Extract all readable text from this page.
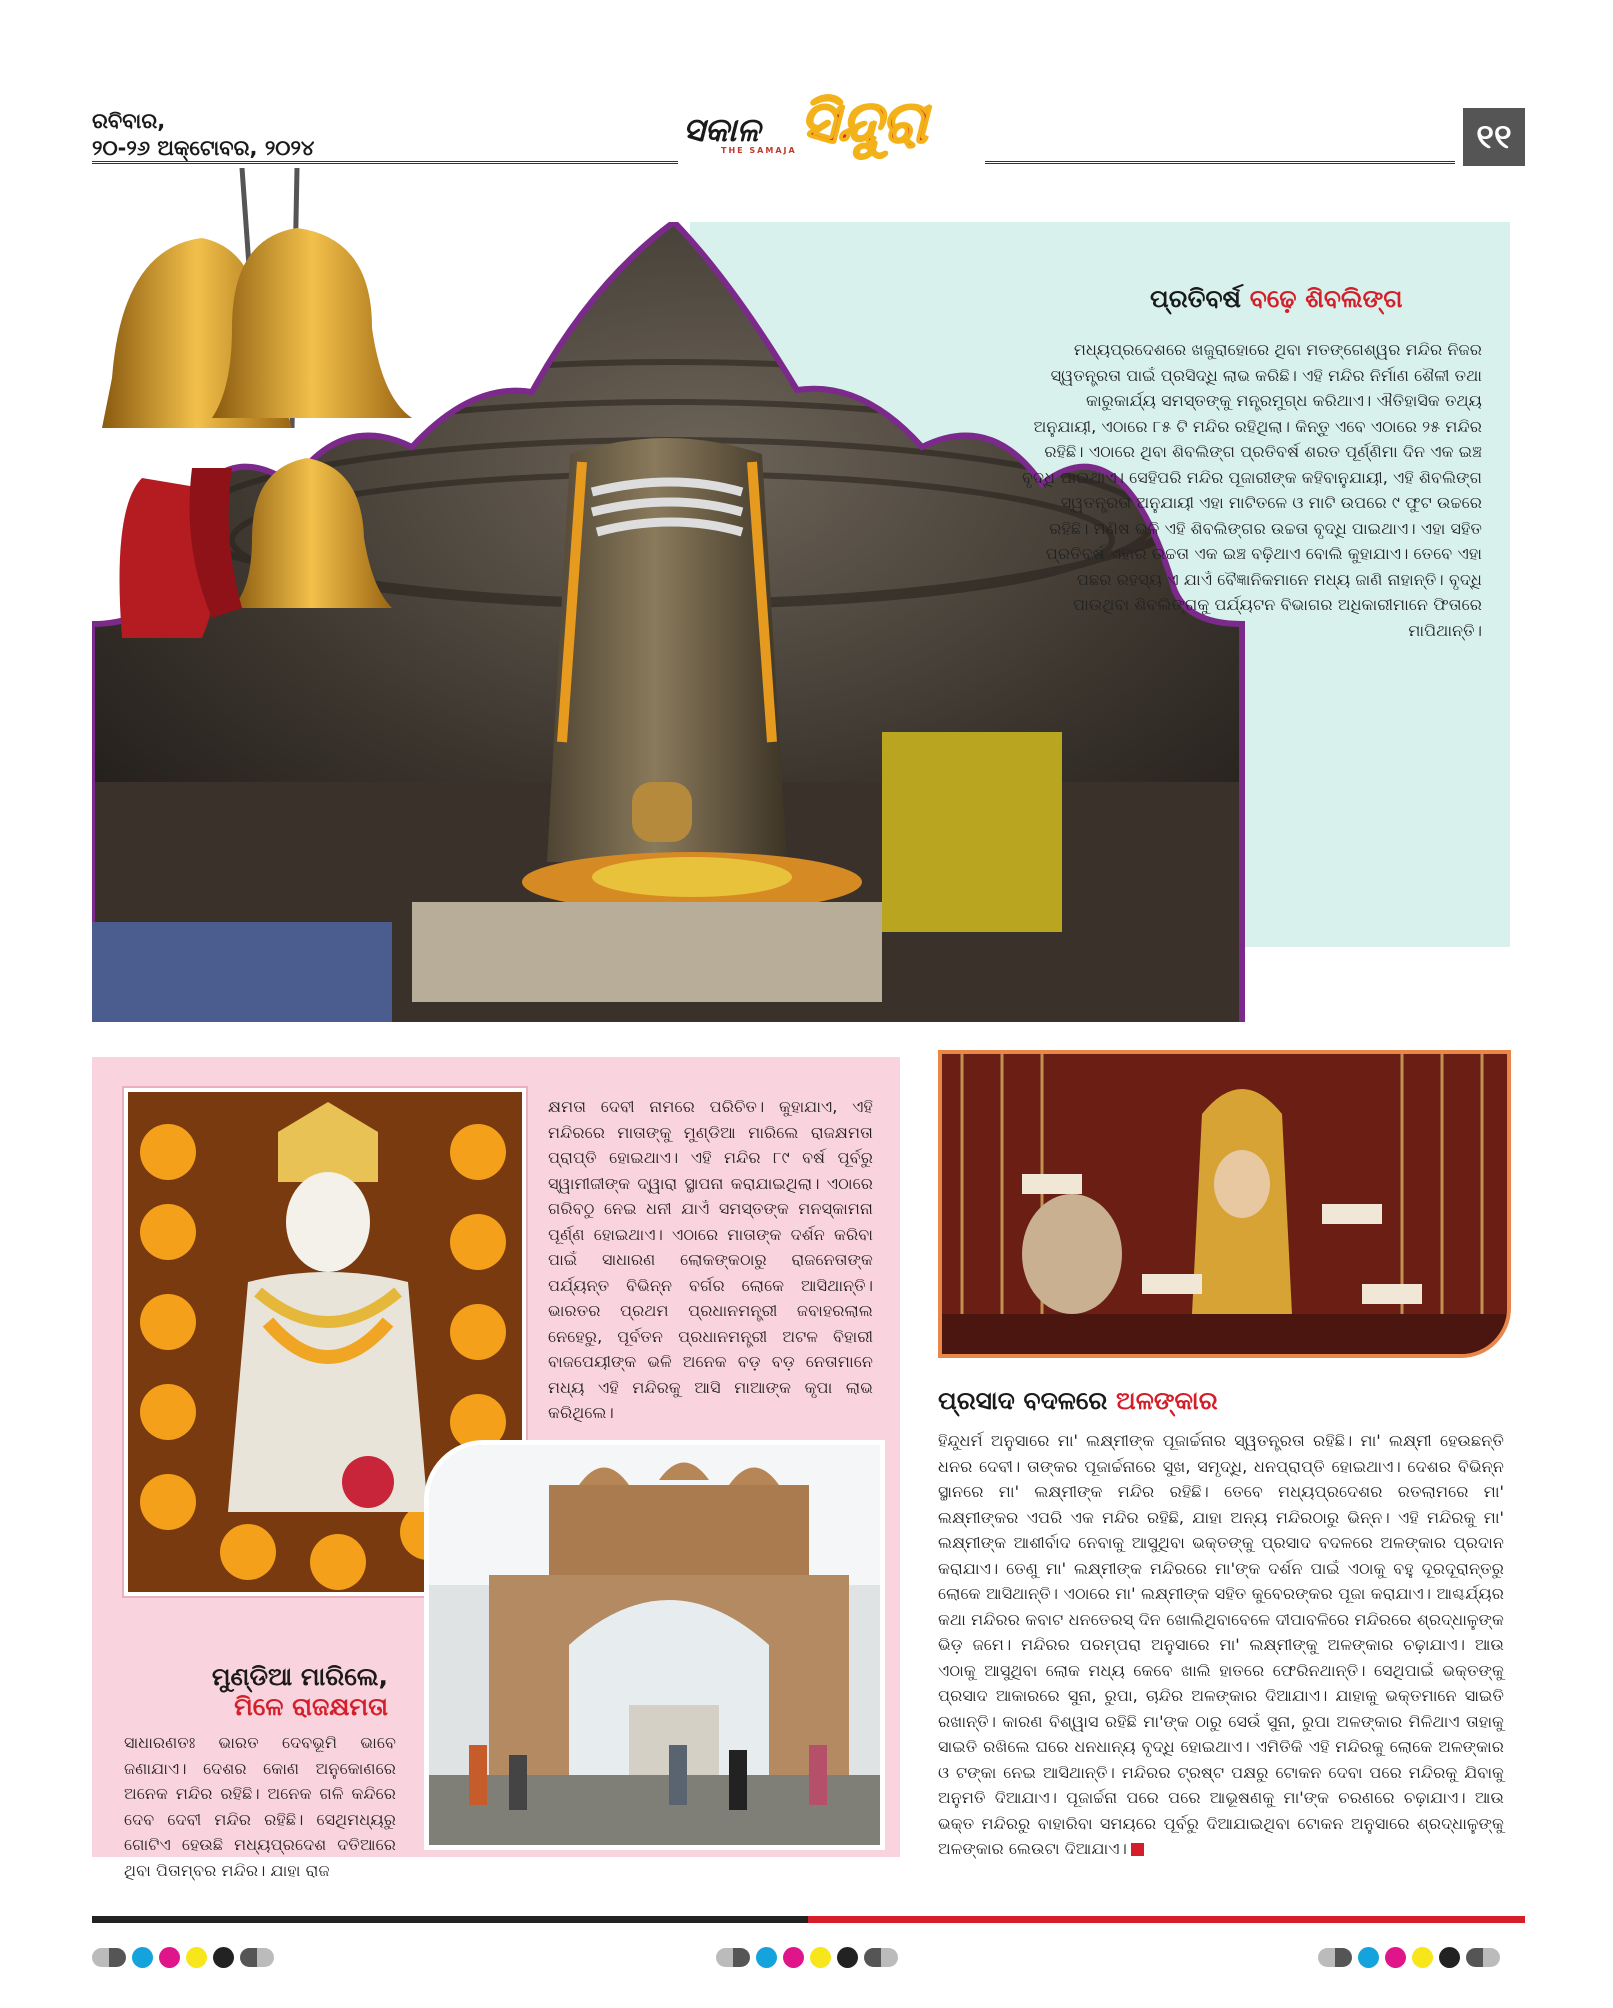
ରବିବାର,
୨୦-୨୬ ଅକ୍ଟୋବର, ୨୦୨୪	ସକାଳ
THE SAMAJA ସିନ୍ଦୁରା	୧୧
ପ୍ରତିବର୍ଷ ବଢ଼େ ଶିବଲିଙ୍ଗ
ମଧ୍ୟପ୍ରଦେଶରେ ଖଜୁରାହୋରେ ଥିବା ମତଙ୍ଗେଶ୍ୱର ମନ୍ଦିର ନିଜର ସ୍ୱତନ୍ତ୍ରତା ପାଇଁ ପ୍ରସିଦ୍ଧି ଲାଭ କରିଛି। ଏହି ମନ୍ଦିର ନିର୍ମାଣ ଶୈଳୀ ତଥା କାରୁକାର୍ଯ୍ୟ ସମସ୍ତଙ୍କୁ ମନ୍ତ୍ରମୁଗ୍ଧ କରିଥାଏ। ଐତିହାସିକ ତଥ୍ୟ ଅନୁଯାୟୀ, ଏଠାରେ ୮୫ ଟି ମନ୍ଦିର ରହିଥିଲା। କିନ୍ତୁ ଏବେ ଏଠାରେ ୨୫ ମନ୍ଦିର ରହିଛି। ଏଠାରେ ଥିବା ଶିବଲିଙ୍ଗ ପ୍ରତିବର୍ଷ ଶରତ ପୂର୍ଣ୍ଣିମା ଦିନ ଏକ ଇଞ୍ଚ ବୃଦ୍ଧି ପାଇଥାଏ। ସେହିପରି ମନ୍ଦିର ପୂଜାରୀଙ୍କ କହିବାନୁଯାୟୀ, ଏହି ଶିବଲିଙ୍ଗ ସ୍ୱତନ୍ତ୍ରତା ଅନୁଯାୟୀ ଏହା ମାଟିତଳେ ଓ ମାଟି ଉପରେ ୯ ଫୁଟ ଉଚ୍ଚରେ ରହିଛି। ମଣିଷ ଭଳି ଏହି ଶିବଲିଙ୍ଗର ଉଚ୍ଚତା ବୃଦ୍ଧି ପାଇଥାଏ। ଏହା ସହିତ ପ୍ରତିବର୍ଷ ଏହାର ଉଚ୍ଚତା ଏକ ଇଞ୍ଚ ବଢ଼ିଥାଏ ବୋଲି କୁହାଯାଏ। ତେବେ ଏହା ପଛର ରହସ୍ୟ ଏ ଯାଏଁ ବୈଜ୍ଞାନିକମାନେ ମଧ୍ୟ ଜାଣି ନାହାନ୍ତି। ବୃଦ୍ଧି ପାଉଥିବା ଶିବଲିଙ୍ଗକୁ ପର୍ଯ୍ୟଟନ ବିଭାଗର ଅଧିକାରୀମାନେ ଫିତାରେ ମାପିଥାନ୍ତି।
କ୍ଷମତା ଦେବୀ ନାମରେ ପରିଚିତ। କୁହାଯାଏ, ଏହି ମନ୍ଦିରରେ ମାତାଙ୍କୁ ମୁଣ୍ଡିଆ ମାରିଲେ ରାଜକ୍ଷମତା ପ୍ରାପ୍ତି ହୋଇଥାଏ। ଏହି ମନ୍ଦିର ୮୯ ବର୍ଷ ପୂର୍ବରୁ ସ୍ୱାମୀଜୀଙ୍କ ଦ୍ୱାରା ସ୍ଥାପନା କରାଯାଇଥିଲା। ଏଠାରେ ଗରିବଠୁ ନେଇ ଧନୀ ଯାଏଁ ସମସ୍ତଙ୍କ ମନସ୍କାମନା ପୂର୍ଣ୍ଣ ହୋଇଥାଏ। ଏଠାରେ ମାତାଙ୍କ ଦର୍ଶନ କରିବା ପାଇଁ ସାଧାରଣ ଲୋକଙ୍କଠାରୁ ରାଜନେତାଙ୍କ ପର୍ଯ୍ୟନ୍ତ ବିଭିନ୍ନ ବର୍ଗର ଲୋକେ ଆସିଥାନ୍ତି। ଭାରତର ପ୍ରଥମ ପ୍ରଧାନମନ୍ତ୍ରୀ ଜବାହରଲାଲ ନେହେରୁ, ପୂର୍ବତନ ପ୍ରଧାନମନ୍ତ୍ରୀ ଅଟଳ ବିହାରୀ ବାଜପେୟୀଙ୍କ ଭଳି ଅନେକ ବଡ଼ ବଡ଼ ନେତାମାନେ ମଧ୍ୟ ଏହି ମନ୍ଦିରକୁ ଆସି ମାଆଙ୍କ କୃପା ଲାଭ କରିଥିଲେ।
ମୁଣ୍ଡିଆ ମାରିଲେ,
ମିଳେ ରାଜକ୍ଷମତା
ସାଧାରଣତଃ ଭାରତ ଦେବଭୂମି ଭାବେ ଜଣାଯାଏ। ଦେଶର କୋଣ ଅନୁକୋଣରେ ଅନେକ ମନ୍ଦିର ରହିଛି। ଅନେକ ଗଳି କନ୍ଦିରେ ଦେବ ଦେବୀ ମନ୍ଦିର ରହିଛି। ସେଥିମଧ୍ୟରୁ ଗୋଟିଏ ହେଉଛି ମଧ୍ୟପ୍ରଦେଶ ଦତିଆରେ ଥିବା ପିତାମ୍ବର ମନ୍ଦିର। ଯାହା ରାଜ
ପ୍ରସାଦ ବଦଳରେ ଅଳଙ୍କାର
ହିନ୍ଦୁଧର୍ମ ଅନୁସାରେ ମା' ଲକ୍ଷ୍ମୀଙ୍କ ପୂଜାର୍ଚ୍ଚନାର ସ୍ୱତନ୍ତ୍ରତା ରହିଛି। ମା' ଲକ୍ଷ୍ମୀ ହେଉଛନ୍ତି ଧନର ଦେବୀ। ତାଙ୍କର ପୂଜାର୍ଚ୍ଚନାରେ ସୁଖ, ସମୃଦ୍ଧି, ଧନପ୍ରାପ୍ତି ହୋଇଥାଏ। ଦେଶର ବିଭିନ୍ନ ସ୍ଥାନରେ ମା' ଲକ୍ଷ୍ମୀଙ୍କ ମନ୍ଦିର ରହିଛି। ତେବେ ମଧ୍ୟପ୍ରଦେଶର ରତଲାମରେ ମା' ଲକ୍ଷ୍ମୀଙ୍କର ଏପରି ଏକ ମନ୍ଦିର ରହିଛି, ଯାହା ଅନ୍ୟ ମନ୍ଦିରଠାରୁ ଭିନ୍ନ। ଏହି ମନ୍ଦିରକୁ ମା' ଲକ୍ଷ୍ମୀଙ୍କ ଆଶୀର୍ବାଦ ନେବାକୁ ଆସୁଥିବା ଭକ୍ତଙ୍କୁ ପ୍ରସାଦ ବଦଳରେ ଅଳଙ୍କାର ପ୍ରଦାନ କରାଯାଏ। ତେଣୁ ମା' ଲକ୍ଷ୍ମୀଙ୍କ ମନ୍ଦିରରେ ମା'ଙ୍କ ଦର୍ଶନ ପାଇଁ ଏଠାକୁ ବହୁ ଦୂରଦୂରାନ୍ତରୁ ଲୋକେ ଆସିଥାନ୍ତି। ଏଠାରେ ମା' ଲକ୍ଷ୍ମୀଙ୍କ ସହିତ କୁବେରଙ୍କର ପୂଜା କରାଯାଏ। ଆଶ୍ଚର୍ଯ୍ୟର କଥା ମନ୍ଦିରର କବାଟ ଧନତେରସ୍ ଦିନ ଖୋଲିଥିବାବେଳେ ଦୀପାବଳିରେ ମନ୍ଦିରରେ ଶ୍ରଦ୍ଧାଳୁଙ୍କ ଭିଡ଼ ଜମେ। ମନ୍ଦିରର ପରମ୍ପରା ଅନୁସାରେ ମା' ଲକ୍ଷ୍ମୀଙ୍କୁ ଅଳଙ୍କାର ଚଢ଼ାଯାଏ। ଆଉ ଏଠାକୁ ଆସୁଥିବା ଲୋକ ମଧ୍ୟ କେବେ ଖାଲି ହାତରେ ଫେରିନଥାନ୍ତି। ସେଥିପାଇଁ ଭକ୍ତଙ୍କୁ ପ୍ରସାଦ ଆକାରରେ ସୁନା, ରୁପା, ଚାନ୍ଦିର ଅଳଙ୍କାର ଦିଆଯାଏ। ଯାହାକୁ ଭକ୍ତମାନେ ସାଇତି ରଖାନ୍ତି। କାରଣ ବିଶ୍ୱାସ ରହିଛି ମା'ଙ୍କ ଠାରୁ ସେଉଁ ସୁନା, ରୁପା ଅଳଙ୍କାର ମିଳିଥାଏ ତାହାକୁ ସାଇତି ରଖିଲେ ଘରେ ଧନଧାନ୍ୟ ବୃଦ୍ଧି ହୋଇଥାଏ। ଏମିତିକି ଏହି ମନ୍ଦିରକୁ ଲୋକେ ଅଳଙ୍କାର ଓ ଟଙ୍କା ନେଇ ଆସିଥାନ୍ତି। ମନ୍ଦିରର ଟ୍ରଷ୍ଟ ପକ୍ଷରୁ ଟୋକନ ଦେବା ପରେ ମନ୍ଦିରକୁ ଯିବାକୁ ଅନୁମତି ଦିଆଯାଏ। ପୂଜାର୍ଚ୍ଚନା ପରେ ପରେ ଆଭୂଷଣକୁ ମା'ଙ୍କ ଚରଣରେ ଚଢ଼ାଯାଏ। ଆଉ ଭକ୍ତ ମନ୍ଦିରରୁ ବାହାରିବା ସମୟରେ ପୂର୍ବରୁ ଦିଆଯାଇଥିବା ଟୋକନ ଅନୁସାରେ ଶ୍ରଦ୍ଧାଳୁଙ୍କୁ ଅଳଙ୍କାର ଲେଉଟା ଦିଆଯାଏ।
